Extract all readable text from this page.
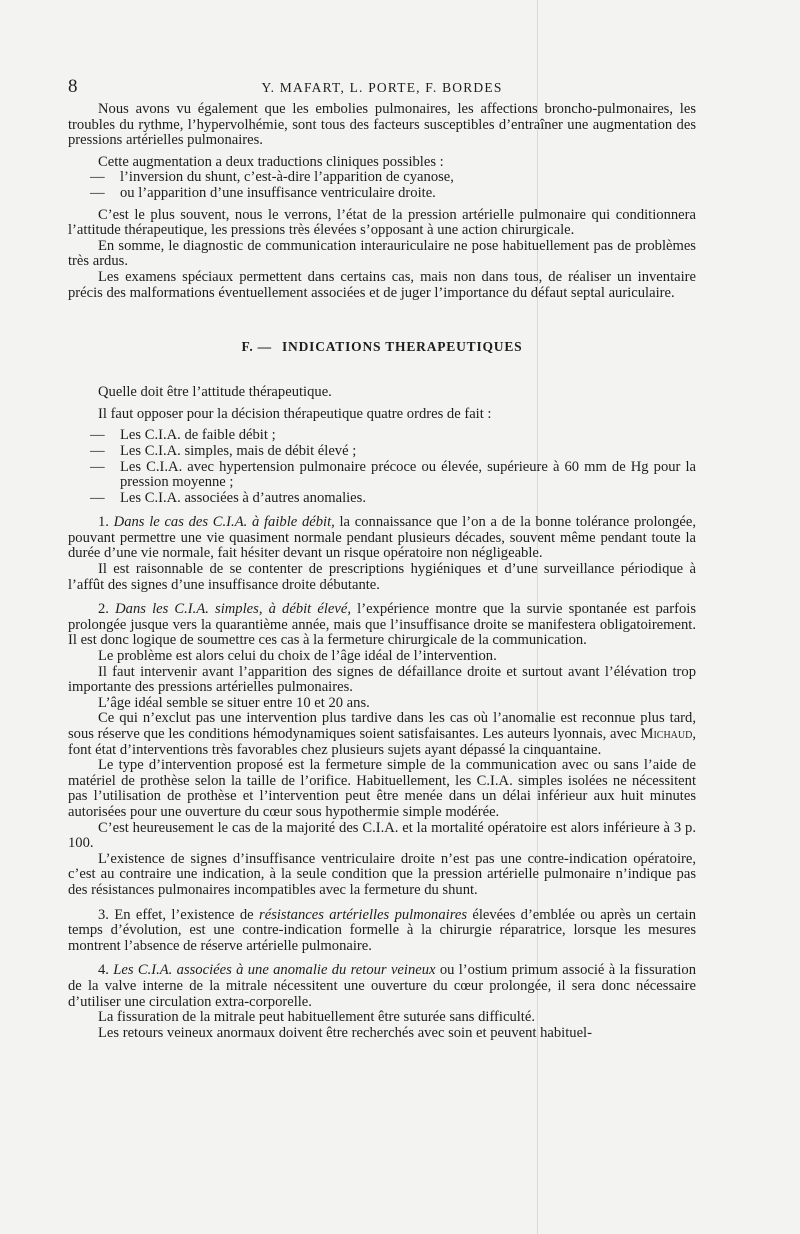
8	Y. MAFART, L. PORTE, F. BORDES

Nous avons vu également que les embolies pulmonaires, les affections broncho-pulmonaires, les troubles du rythme, l’hypervolhémie, sont tous des facteurs susceptibles d’entraîner une augmentation des pressions artérielles pulmonaires.

Cette augmentation a deux traductions cliniques possibles :

— l’inversion du shunt, c’est-à-dire l’apparition de cyanose,

— ou l’apparition d’une insuffisance ventriculaire droite.

C’est le plus souvent, nous le verrons, l’état de la pression artérielle pulmonaire qui conditionnera l’attitude thérapeutique, les pressions très élevées s’opposant à une action chirurgicale.

En somme, le diagnostic de communication interauriculaire ne pose habituellement pas de problèmes très ardus.

Les examens spéciaux permettent dans certains cas, mais non dans tous, de réaliser un inventaire précis des malformations éventuellement associées et de juger l’importance du défaut septal auriculaire.

F. — INDICATIONS THERAPEUTIQUES

Quelle doit être l’attitude thérapeutique.

Il faut opposer pour la décision thérapeutique quatre ordres de fait :

— Les C.I.A. de faible débit ;

— Les C.I.A. simples, mais de débit élevé ;

— Les C.I.A. avec hypertension pulmonaire précoce ou élevée, supérieure à 60 mm de Hg pour la pression moyenne ;

— Les C.I.A. associées à d’autres anomalies.

1. Dans le cas des C.I.A. à faible débit, la connaissance que l’on a de la bonne tolérance prolongée, pouvant permettre une vie quasiment normale pendant plusieurs décades, souvent même pendant toute la durée d’une vie normale, fait hésiter devant un risque opératoire non négligeable.

Il est raisonnable de se contenter de prescriptions hygiéniques et d’une surveillance périodique à l’affût des signes d’une insuffisance droite débutante.

2. Dans les C.I.A. simples, à débit élevé, l’expérience montre que la survie spontanée est parfois prolongée jusque vers la quarantième année, mais que l’insuffisance droite se manifestera obligatoirement. Il est donc logique de soumettre ces cas à la fermeture chirurgicale de la communication.

Le problème est alors celui du choix de l’âge idéal de l’intervention.

Il faut intervenir avant l’apparition des signes de défaillance droite et surtout avant l’élévation trop importante des pressions artérielles pulmonaires.

L’âge idéal semble se situer entre 10 et 20 ans.

Ce qui n’exclut pas une intervention plus tardive dans les cas où l’anomalie est reconnue plus tard, sous réserve que les conditions hémodynamiques soient satisfaisantes. Les auteurs lyonnais, avec Michaud, font état d’interventions très favorables chez plusieurs sujets ayant dépassé la cinquantaine.

Le type d’intervention proposé est la fermeture simple de la communication avec ou sans l’aide de matériel de prothèse selon la taille de l’orifice. Habituellement, les C.I.A. simples isolées ne nécessitent pas l’utilisation de prothèse et l’intervention peut être menée dans un délai inférieur aux huit minutes autorisées pour une ouverture du cœur sous hypothermie simple modérée.

C’est heureusement le cas de la majorité des C.I.A. et la mortalité opératoire est alors inférieure à 3 p. 100.

L’existence de signes d’insuffisance ventriculaire droite n’est pas une contre-indication opératoire, c’est au contraire une indication, à la seule condition que la pression artérielle pulmonaire n’indique pas des résistances pulmonaires incompatibles avec la fermeture du shunt.

3. En effet, l’existence de résistances artérielles pulmonaires élevées d’emblée ou après un certain temps d’évolution, est une contre-indication formelle à la chirurgie réparatrice, lorsque les mesures montrent l’absence de réserve artérielle pulmonaire.

4. Les C.I.A. associées à une anomalie du retour veineux ou l’ostium primum associé à la fissuration de la valve interne de la mitrale nécessitent une ouverture du cœur prolongée, il sera donc nécessaire d’utiliser une circulation extra-corporelle.

La fissuration de la mitrale peut habituellement être suturée sans difficulté.

Les retours veineux anormaux doivent être recherchés avec soin et peuvent habituel-
